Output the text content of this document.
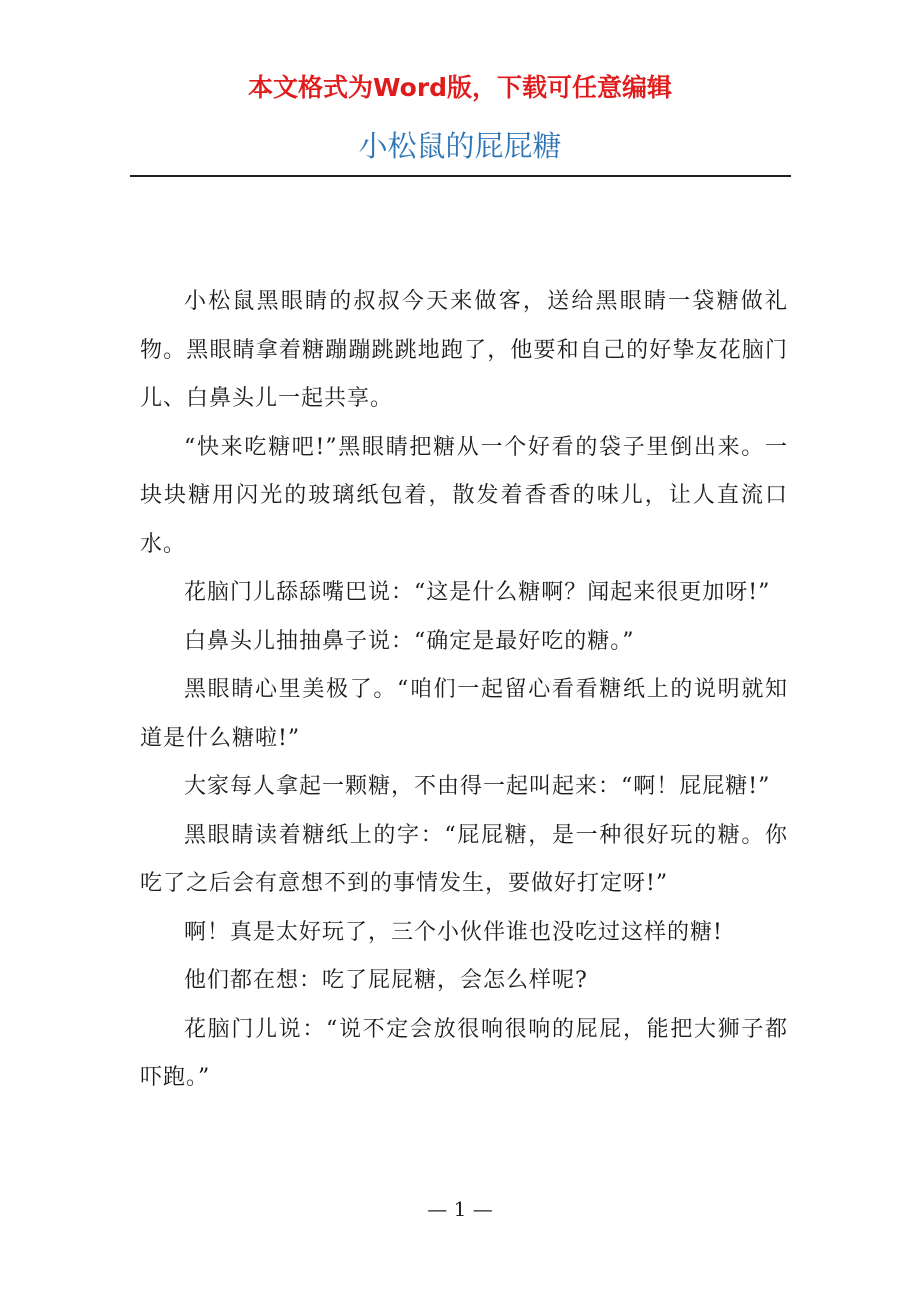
本文格式为Word版，下载可任意编辑
小松鼠的屁屁糖

小松鼠黑眼睛的叔叔今天来做客，送给黑眼睛一袋糖做礼物。黑眼睛拿着糖蹦蹦跳跳地跑了，他要和自己的好挚友花脑门儿、白鼻头儿一起共享。

“快来吃糖吧!”黑眼睛把糖从一个好看的袋子里倒出来。一块块糖用闪光的玻璃纸包着，散发着香香的味儿，让人直流口水。

花脑门儿舔舔嘴巴说：“这是什么糖啊？闻起来很更加呀!”

白鼻头儿抽抽鼻子说：“确定是最好吃的糖。”

黑眼睛心里美极了。“咱们一起留心看看糖纸上的说明就知道是什么糖啦!”

大家每人拿起一颗糖，不由得一起叫起来：“啊！屁屁糖!”

黑眼睛读着糖纸上的字：“屁屁糖，是一种很好玩的糖。你吃了之后会有意想不到的事情发生，要做好打定呀!”

啊！真是太好玩了，三个小伙伴谁也没吃过这样的糖!

他们都在想：吃了屁屁糖，会怎么样呢?

花脑门儿说：“说不定会放很响很响的屁屁，能把大狮子都吓跑。”

— 1 —
